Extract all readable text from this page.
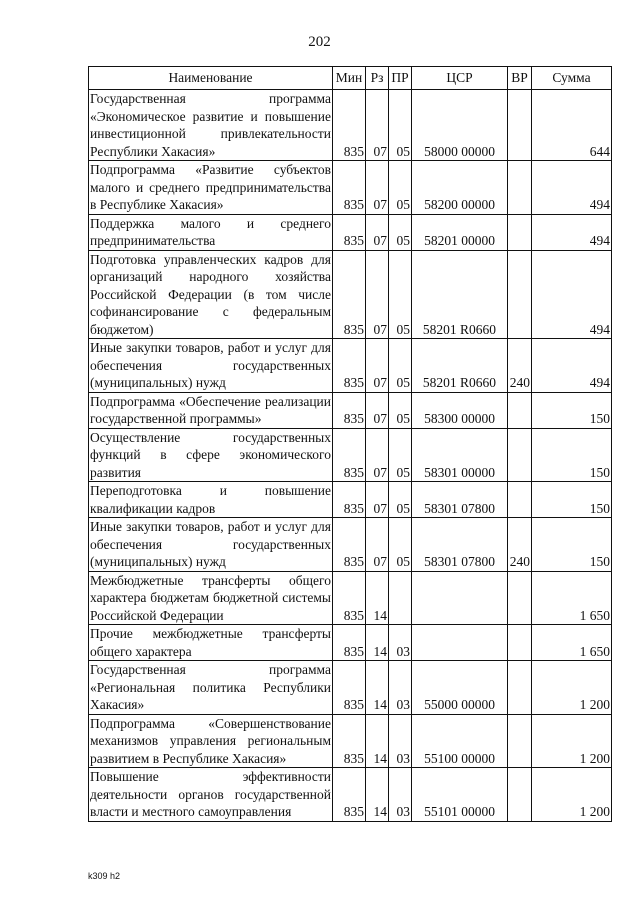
202
Наименование	Мин	Рз	ПР	ЦСР	ВР	Сумма
Государственная программа «Экономическое развитие и повышение инвестиционной привлекательности Республики Хакасия»	835	07	05	58000 00000		644
Подпрограмма «Развитие субъектов малого и среднего предпринимательства в Республике Хакасия»	835	07	05	58200 00000		494
Поддержка малого и среднего предпринимательства	835	07	05	58201 00000		494
Подготовка управленческих кадров для организаций народного хозяйства Российской Федерации (в том числе софинансирование с федеральным бюджетом)	835	07	05	58201 R0660		494
Иные закупки товаров, работ и услуг для обеспечения государственных (муниципальных) нужд	835	07	05	58201 R0660	240	494
Подпрограмма «Обеспечение реализации государственной программы»	835	07	05	58300 00000		150
Осуществление государственных функций в сфере экономического развития	835	07	05	58301 00000		150
Переподготовка и повышение квалификации кадров	835	07	05	58301 07800		150
Иные закупки товаров, работ и услуг для обеспечения государственных (муниципальных) нужд	835	07	05	58301 07800	240	150
Межбюджетные трансферты общего характера бюджетам бюджетной системы Российской Федерации	835	14				1 650
Прочие межбюджетные трансферты общего характера	835	14	03			1 650
Государственная программа «Региональная политика Республики Хакасия»	835	14	03	55000 00000		1 200
Подпрограмма «Совершенствование механизмов управления региональным развитием в Республике Хакасия»	835	14	03	55100 00000		1 200
Повышение эффективности деятельности органов государственной власти и местного самоуправления	835	14	03	55101 00000		1 200
k309 h2
